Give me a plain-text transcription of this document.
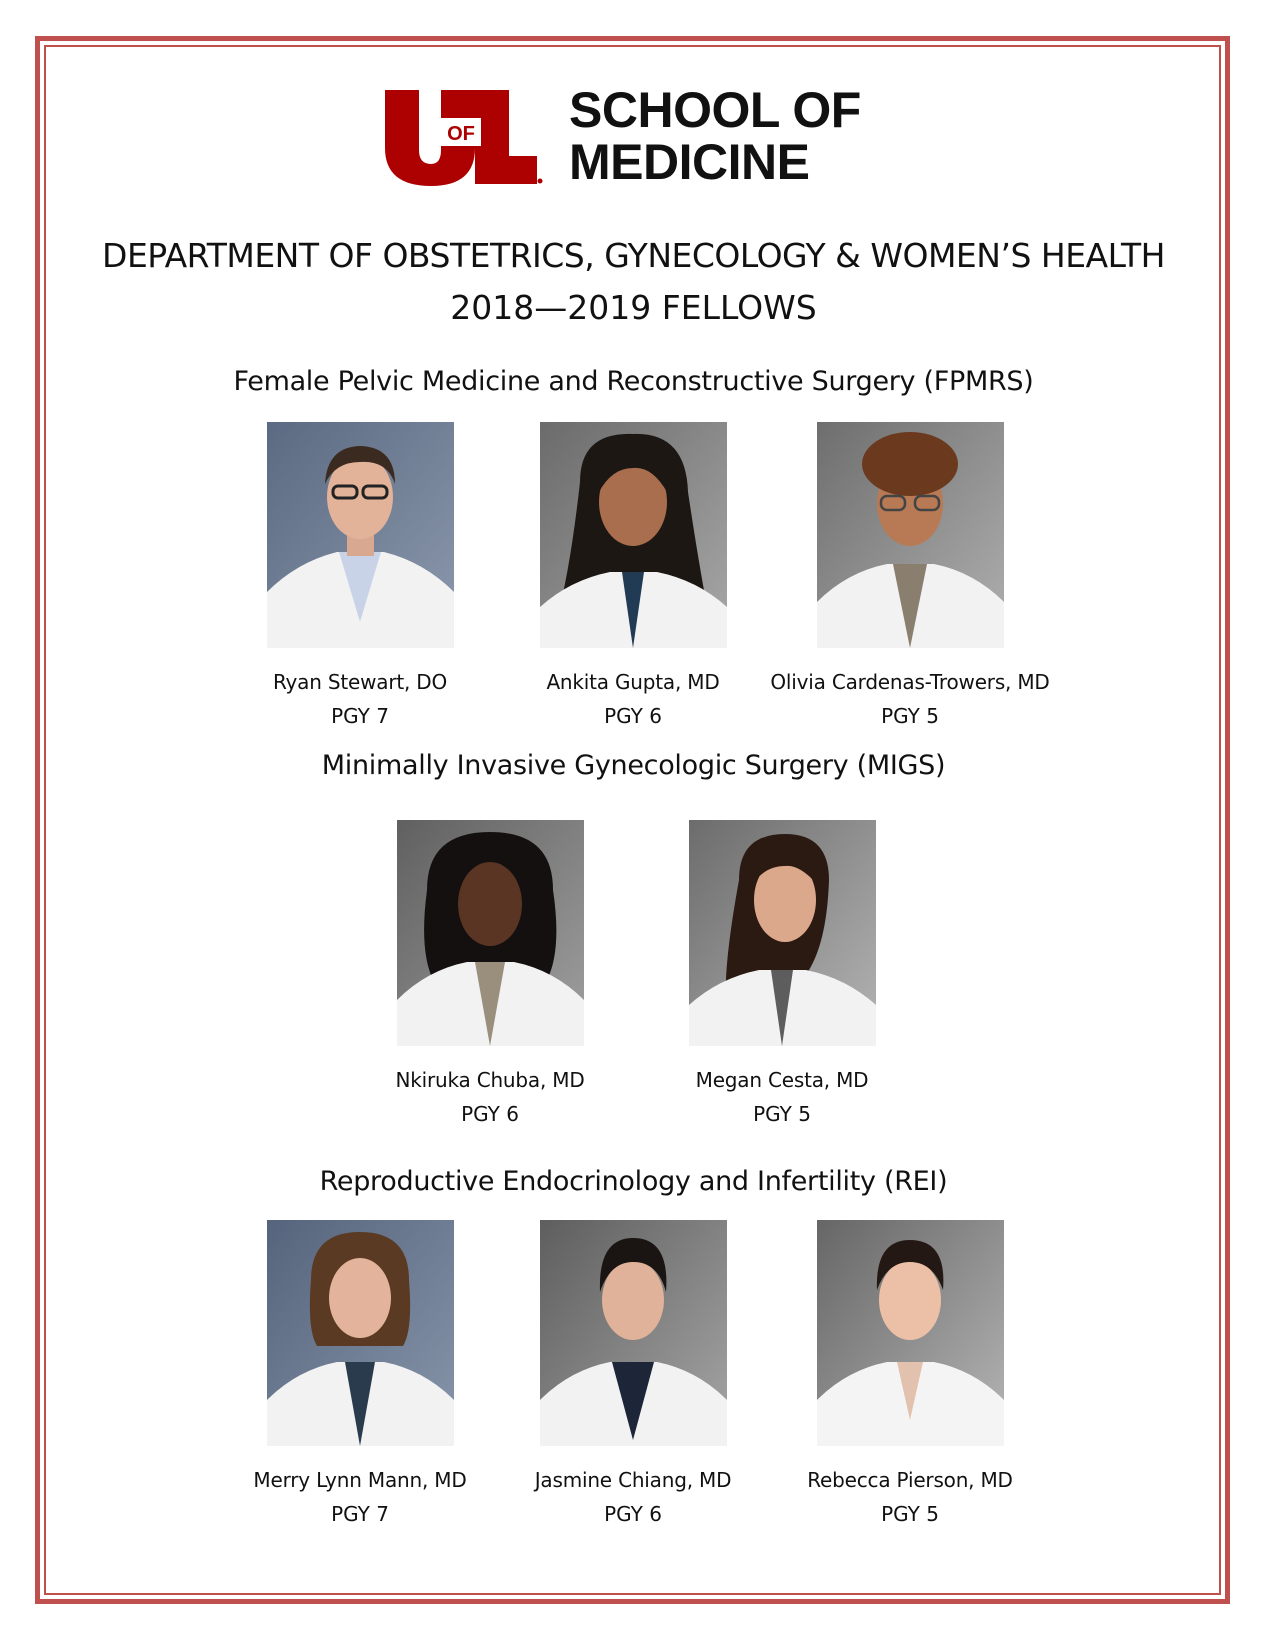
OF SCHOOL OF
MEDICINE
DEPARTMENT OF OBSTETRICS, GYNECOLOGY & WOMEN’S HEALTH
2018—2019 FELLOWS
Female Pelvic Medicine and Reconstructive Surgery (FPMRS)
Ryan Stewart, DO
PGY 7
Ankita Gupta, MD
PGY 6
Olivia Cardenas-Trowers, MD
PGY 5
Minimally Invasive Gynecologic Surgery (MIGS)
Nkiruka Chuba, MD
PGY 6
Megan Cesta, MD
PGY 5
Reproductive Endocrinology and Infertility (REI)
Merry Lynn Mann, MD
PGY 7
Jasmine Chiang, MD
PGY 6
Rebecca Pierson, MD
PGY 5
